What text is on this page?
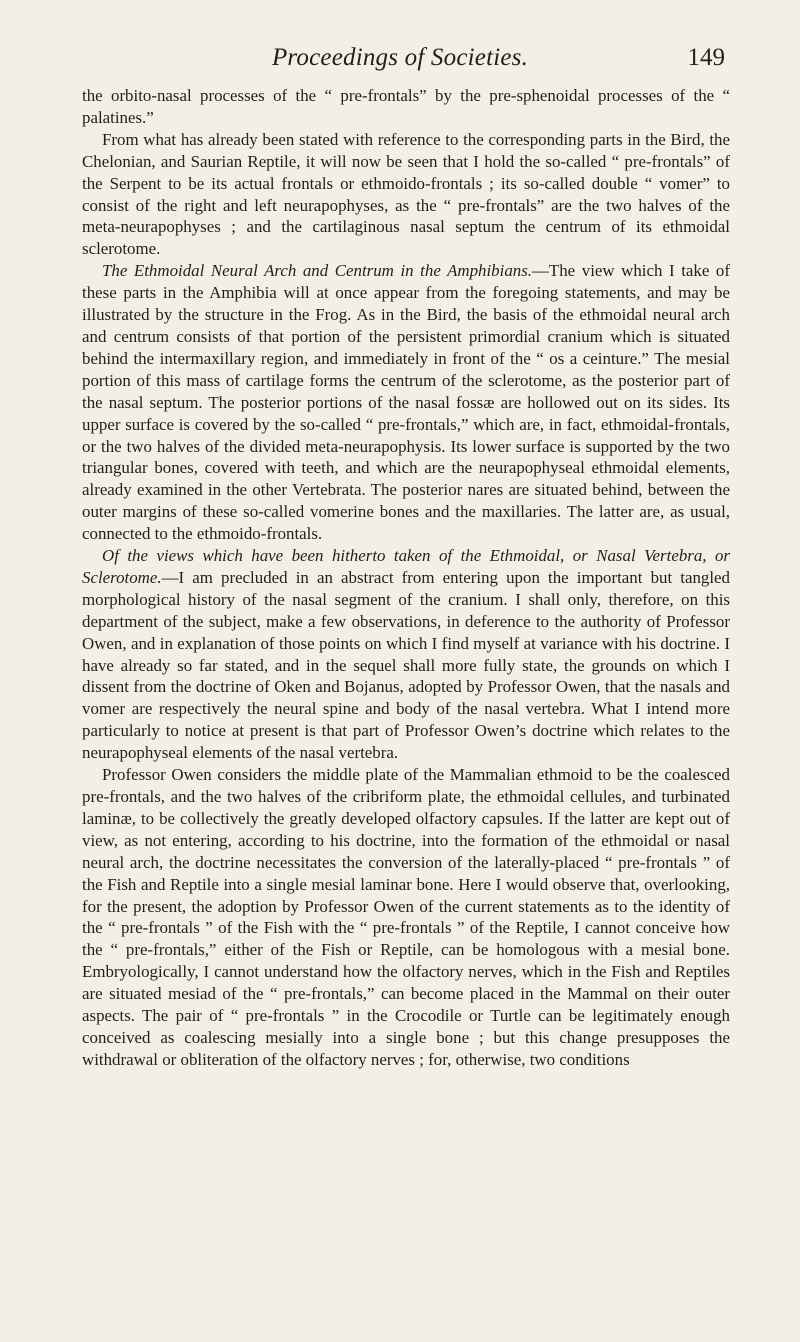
Proceedings of Societies.	149

the orbito-nasal processes of the “ pre-frontals” by the pre-sphenoidal processes of the “ palatines.”

From what has already been stated with reference to the corresponding parts in the Bird, the Chelonian, and Saurian Reptile, it will now be seen that I hold the so-called “ pre-frontals” of the Serpent to be its actual frontals or ethmoido-frontals ; its so-called double “ vomer” to consist of the right and left neurapophyses, as the “ pre-frontals” are the two halves of the meta-neurapophyses ; and the cartilaginous nasal septum the centrum of its ethmoidal sclerotome.

The Ethmoidal Neural Arch and Centrum in the Amphibians.—The view which I take of these parts in the Amphibia will at once appear from the foregoing statements, and may be illustrated by the structure in the Frog. As in the Bird, the basis of the ethmoidal neural arch and centrum consists of that portion of the persistent primordial cranium which is situated behind the intermaxillary region, and immediately in front of the “ os a ceinture.” The mesial portion of this mass of cartilage forms the centrum of the sclerotome, as the posterior part of the nasal septum. The posterior portions of the nasal fossæ are hollowed out on its sides. Its upper surface is covered by the so-called “ pre-frontals,” which are, in fact, ethmoidal-frontals, or the two halves of the divided meta-neurapophysis. Its lower surface is supported by the two triangular bones, covered with teeth, and which are the neurapophyseal ethmoidal elements, already examined in the other Vertebrata. The posterior nares are situated behind, between the outer margins of these so-called vomerine bones and the maxillaries. The latter are, as usual, connected to the ethmoido-frontals.

Of the views which have been hitherto taken of the Ethmoidal, or Nasal Vertebra, or Sclerotome.—I am precluded in an abstract from entering upon the important but tangled morphological history of the nasal segment of the cranium. I shall only, therefore, on this department of the subject, make a few observations, in deference to the authority of Professor Owen, and in explanation of those points on which I find myself at variance with his doctrine. I have already so far stated, and in the sequel shall more fully state, the grounds on which I dissent from the doctrine of Oken and Bojanus, adopted by Professor Owen, that the nasals and vomer are respectively the neural spine and body of the nasal vertebra. What I intend more particularly to notice at present is that part of Professor Owen’s doctrine which relates to the neurapophyseal elements of the nasal vertebra.

Professor Owen considers the middle plate of the Mammalian ethmoid to be the coalesced pre-frontals, and the two halves of the cribriform plate, the ethmoidal cellules, and turbinated laminæ, to be collectively the greatly developed olfactory capsules. If the latter are kept out of view, as not entering, according to his doctrine, into the formation of the ethmoidal or nasal neural arch, the doctrine necessitates the conversion of the laterally-placed “ pre-frontals ” of the Fish and Reptile into a single mesial laminar bone. Here I would observe that, overlooking, for the present, the adoption by Professor Owen of the current statements as to the identity of the “ pre-frontals ” of the Fish with the “ pre-frontals ” of the Reptile, I cannot conceive how the “ pre-frontals,” either of the Fish or Reptile, can be homologous with a mesial bone. Embryologically, I cannot understand how the olfactory nerves, which in the Fish and Reptiles are situated mesiad of the “ pre-frontals,” can become placed in the Mammal on their outer aspects. The pair of “ pre-frontals ” in the Crocodile or Turtle can be legitimately enough conceived as coalescing mesially into a single bone ; but this change presupposes the withdrawal or obliteration of the olfactory nerves ; for, otherwise, two conditions
